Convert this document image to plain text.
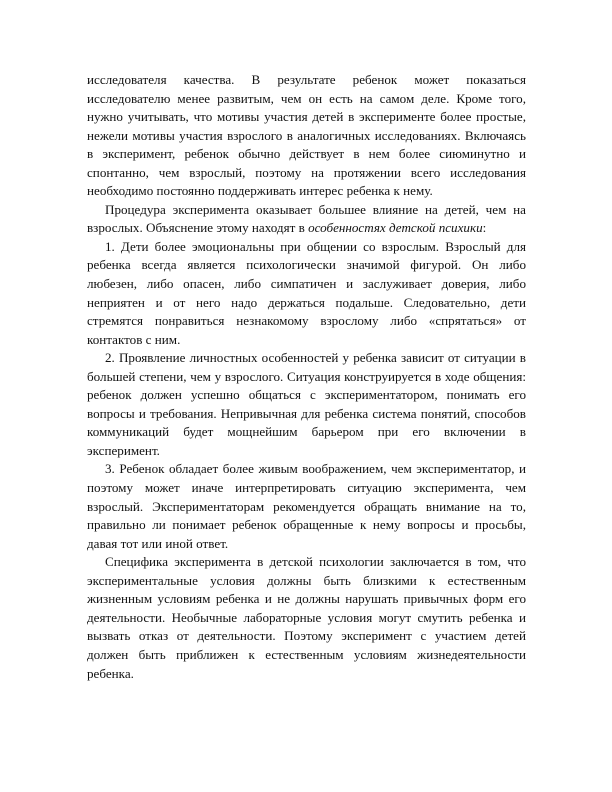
исследователя качества. В результате ребенок может показаться исследователю менее развитым, чем он есть на самом деле. Кроме того, нужно учитывать, что мотивы участия детей в эксперименте более простые, нежели мотивы участия взрослого в аналогичных исследованиях. Включаясь в эксперимент, ребенок обычно действует в нем более сиюминутно и спонтанно, чем взрослый, поэтому на протяжении всего исследования необходимо постоянно поддерживать интерес ребенка к нему.

Процедура эксперимента оказывает большее влияние на детей, чем на взрослых. Объяснение этому находят в особенностях детской психики:

1. Дети более эмоциональны при общении со взрослым. Взрослый для ребенка всегда является психологически значимой фигурой. Он либо любезен, либо опасен, либо симпатичен и заслуживает доверия, либо неприятен и от него надо держаться подальше. Следовательно, дети стремятся понравиться незнакомому взрослому либо «спрятаться» от контактов с ним.

2. Проявление личностных особенностей у ребенка зависит от ситуации в большей степени, чем у взрослого. Ситуация конструируется в ходе общения: ребенок должен успешно общаться с экспериментатором, понимать его вопросы и требования. Непривычная для ребенка система понятий, способов коммуникаций будет мощнейшим барьером при его включении в эксперимент.

3. Ребенок обладает более живым воображением, чем экспериментатор, и поэтому может иначе интерпретировать ситуацию эксперимента, чем взрослый. Экспериментаторам рекомендуется обращать внимание на то, правильно ли понимает ребенок обращенные к нему вопросы и просьбы, давая тот или иной ответ.

Специфика эксперимента в детской психологии заключается в том, что экспериментальные условия должны быть близкими к естественным жизненным условиям ребенка и не должны нарушать привычных форм его деятельности. Необычные лабораторные условия могут смутить ребенка и вызвать отказ от деятельности. Поэтому эксперимент с участием детей должен быть приближен к естественным условиям жизнедеятельности ребенка.
